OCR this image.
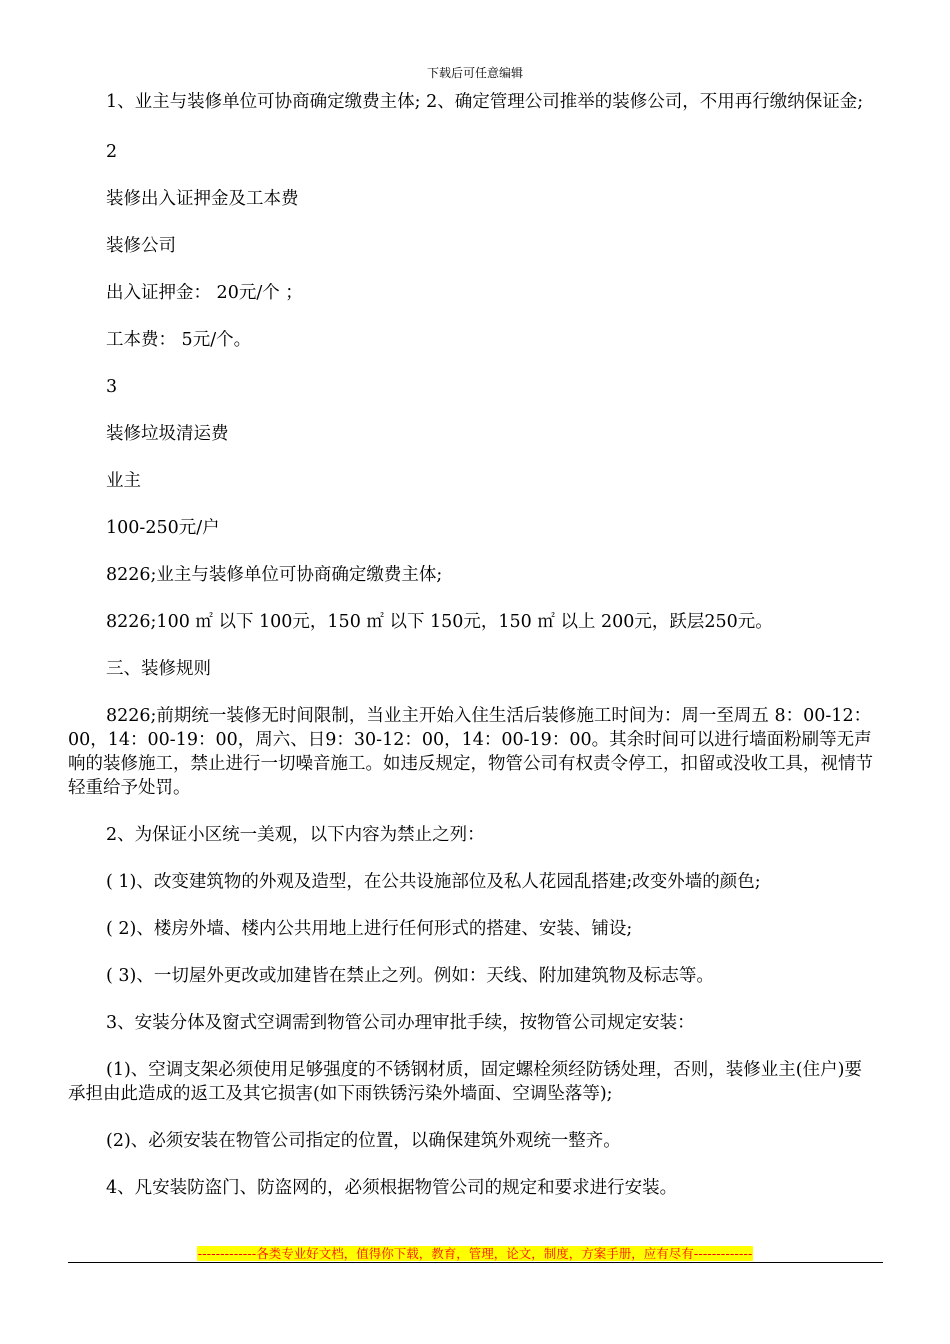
下载后可任意编辑

1、业主与装修单位可协商确定缴费主体; 2、确定管理公司推举的装修公司，不用再行缴纳保证金;

2

装修出入证押金及工本费

装修公司

出入证押金： 20元/个 ；

工本费： 5元/个。

3

装修垃圾清运费

业主

100-250元/户

8226;业主与装修单位可协商确定缴费主体;

8226;100 ㎡ 以下 100元，150 ㎡ 以下 150元，150 ㎡ 以上 200元，跃层250元。

三、装修规则

8226;前期统一装修无时间限制，当业主开始入住生活后装修施工时间为：周一至周五 8：00-12：00，14：00-19：00，周六、日9：30-12：00，14：00-19：00。其余时间可以进行墙面粉刷等无声响的装修施工，禁止进行一切噪音施工。如违反规定，物管公司有权责令停工，扣留或没收工具，视情节轻重给予处罚。

2、为保证小区统一美观，以下内容为禁止之列：

( 1)、改变建筑物的外观及造型，在公共设施部位及私人花园乱搭建;改变外墙的颜色;

( 2)、楼房外墙、楼内公共用地上进行任何形式的搭建、安装、铺设;

( 3)、一切屋外更改或加建皆在禁止之列。例如：天线、附加建筑物及标志等。

3、安装分体及窗式空调需到物管公司办理审批手续，按物管公司规定安装：

(1)、空调支架必须使用足够强度的不锈钢材质，固定螺栓须经防锈处理，否则，装修业主(住户)要承担由此造成的返工及其它损害(如下雨铁锈污染外墙面、空调坠落等);

(2)、必须安装在物管公司指定的位置，以确保建筑外观统一整齐。

4、凡安装防盗门、防盗网的，必须根据物管公司的规定和要求进行安装。

-------------各类专业好文档，值得你下载，教育，管理，论文，制度，方案手册，应有尽有-------------
